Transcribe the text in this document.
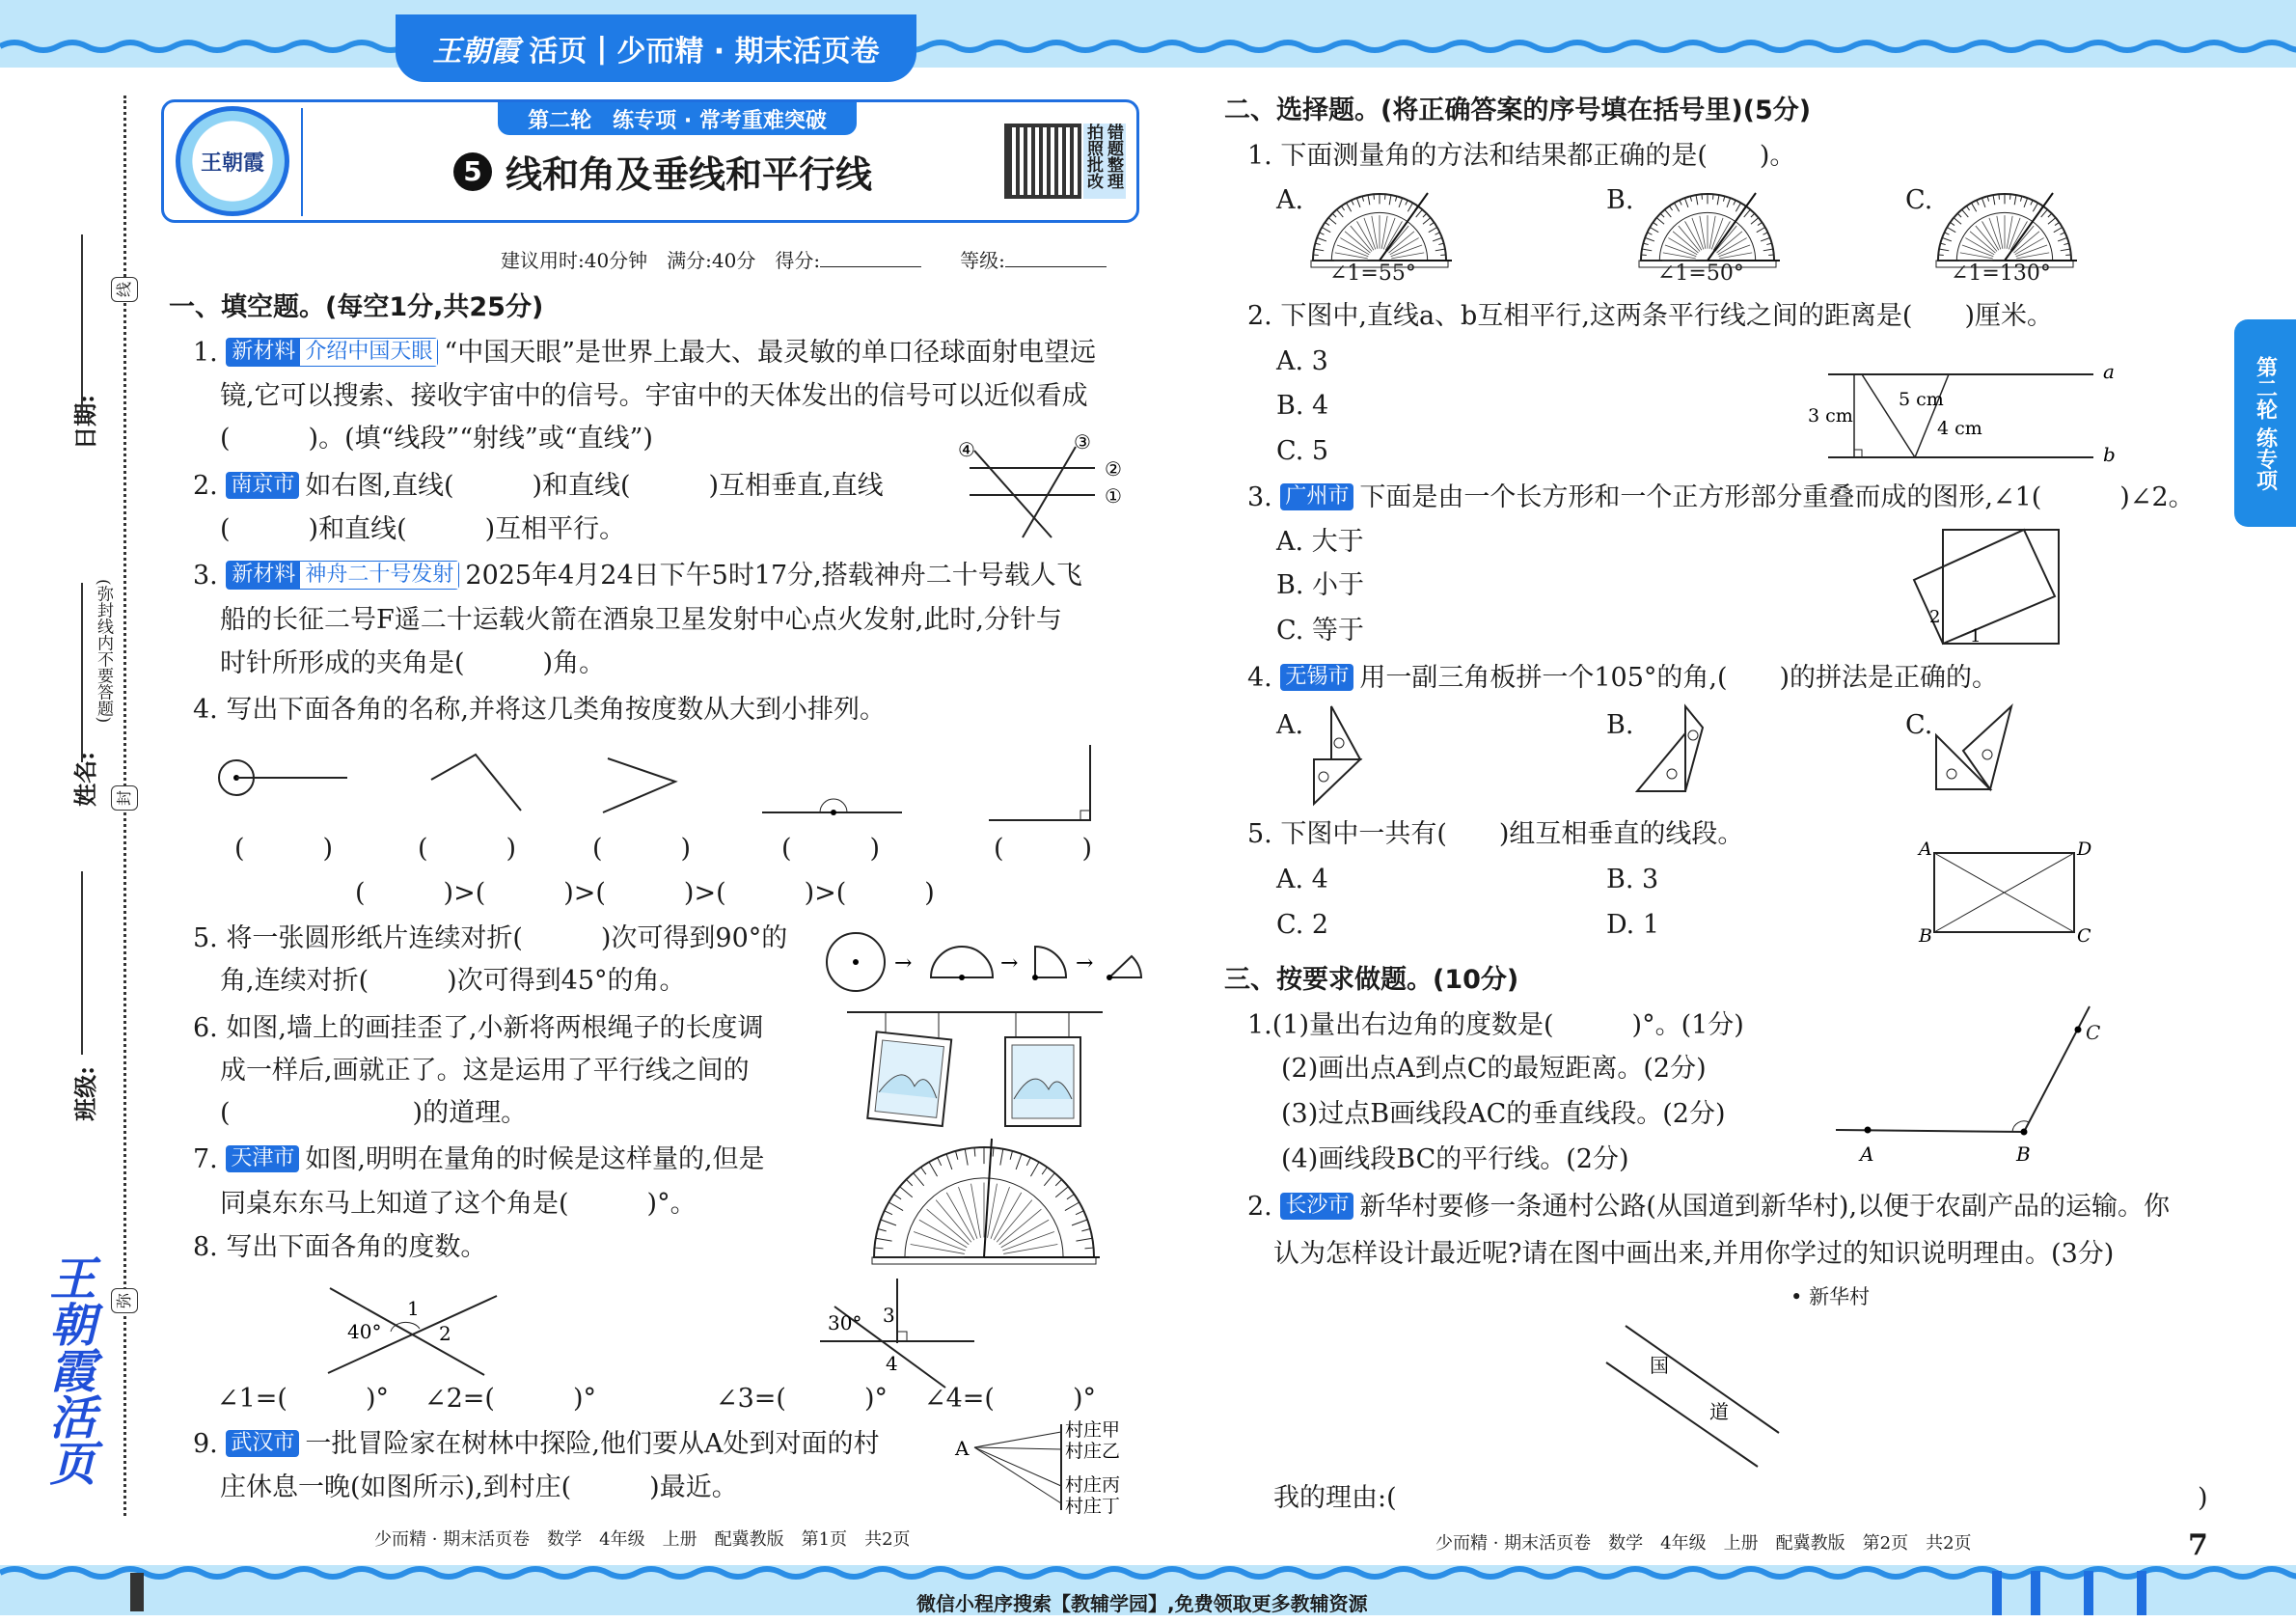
王朝霞 活页 | 少而精 · 期末活页卷
王朝霞
第二轮 练专项 · 常考重难突破
5 线和角及垂线和平行线	拍照批改 错题整理
建议用时:40分钟　 满分:40分　 得分:　　	等级:
线
封
弥
(弥封线内不要答题)
日期:
姓名:
班级:
王朝霞活页
第二轮 练专项
一、填空题。(每空1分,共25分)
1. 新材料 介绍中国天眼 “中国天眼”是世界上最大、最灵敏的单口径球面射电望远
镜,它可以搜索、接收宇宙中的信号。宇宙中的天体发出的信号可以近似看成
(　　　)。(填“线段”“射线”或“直线”)
2. 南京市 如右图,直线(　　　)和直线(　　　)互相垂直,直线
(　　　)和直线(　　　)互相平行。
④	③
②
①
3. 新材料 神舟二十号发射 2025年4月24日下午5时17分,搭载神舟二十号载人飞
船的长征二号F遥二十运载火箭在酒泉卫星发射中心点火发射,此时,分针与
时针所形成的夹角是(　　　)角。
4. 写出下面各角的名称,并将这几类角按度数从大到小排列。
(　　　)	(　　　)	(　　　)	(　　　)	(　　　)
(　　　)>(　　　)>(　　　)>(　　　)>(　　　)
5. 将一张圆形纸片连续对折(　　　)次可得到90°的
角,连续对折(　　　)次可得到45°的角。
→	→	→
6. 如图,墙上的画挂歪了,小新将两根绳子的长度调
成一样后,画就正了。这是运用了平行线之间的
(　　　　　　　)的道理。
7. 天津市 如图,明明在量角的时候是这样量的,但是
同桌东东马上知道了这个角是(　　　)°。
8. 写出下面各角的度数。
40°
1
2	30° 3
4
∠1=(　　　)° ∠2=(　　　)°	∠3=(　　　)° ∠4=(　　　)°
9. 武汉市 一批冒险家在树林中探险,他们要从A处到对面的村
庄休息一晚(如图所示),到村庄(　　　)最近。
A
村庄甲
村庄乙
村庄丙
村庄丁
少而精 · 期末活页卷　数学　4年级　上册　配冀教版　第1页　共2页
二、选择题。(将正确答案的序号填在括号里)(5分)
1. 下面测量角的方法和结果都正确的是(　　)。
A.
∠1=55°
B.
∠1=50°
C.
∠1=130°
2. 下图中,直线a、b互相平行,这两条平行线之间的距离是(　　)厘米。
A. 3
B. 4
C. 5
a
b
3 cm
5 cm
4 cm
3. 广州市 下面是由一个长方形和一个正方形部分重叠而成的图形,∠1(　　　)∠2。
A. 大于
B. 小于
C. 等于	2
1
4. 无锡市 用一副三角板拼一个105°的角,(　　)的拼法是正确的。
A.	B.	C.
5. 下图中一共有(　　)组互相垂直的线段。
A. 4	B. 3
C. 2	D. 1
A	D
B	C
三、按要求做题。(10分)
1.(1)量出右边角的度数是(　　　)°。(1分)
(2)画出点A到点C的最短距离。(2分)
(3)过点B画线段AC的垂直线段。(2分)
(4)画线段BC的平行线。(2分)	A	B
C
2. 长沙市 新华村要修一条通村公路(从国道到新华村),以便于农副产品的运输。你
认为怎样设计最近呢?请在图中画出来,并用你学过的知识说明理由。(3分)
• 新华村
国
道
我的理由:(	)
少而精 · 期末活页卷　数学　4年级　上册　配冀教版　第2页　共2页	7
微信小程序搜索【教辅学园】,免费领取更多教辅资源
